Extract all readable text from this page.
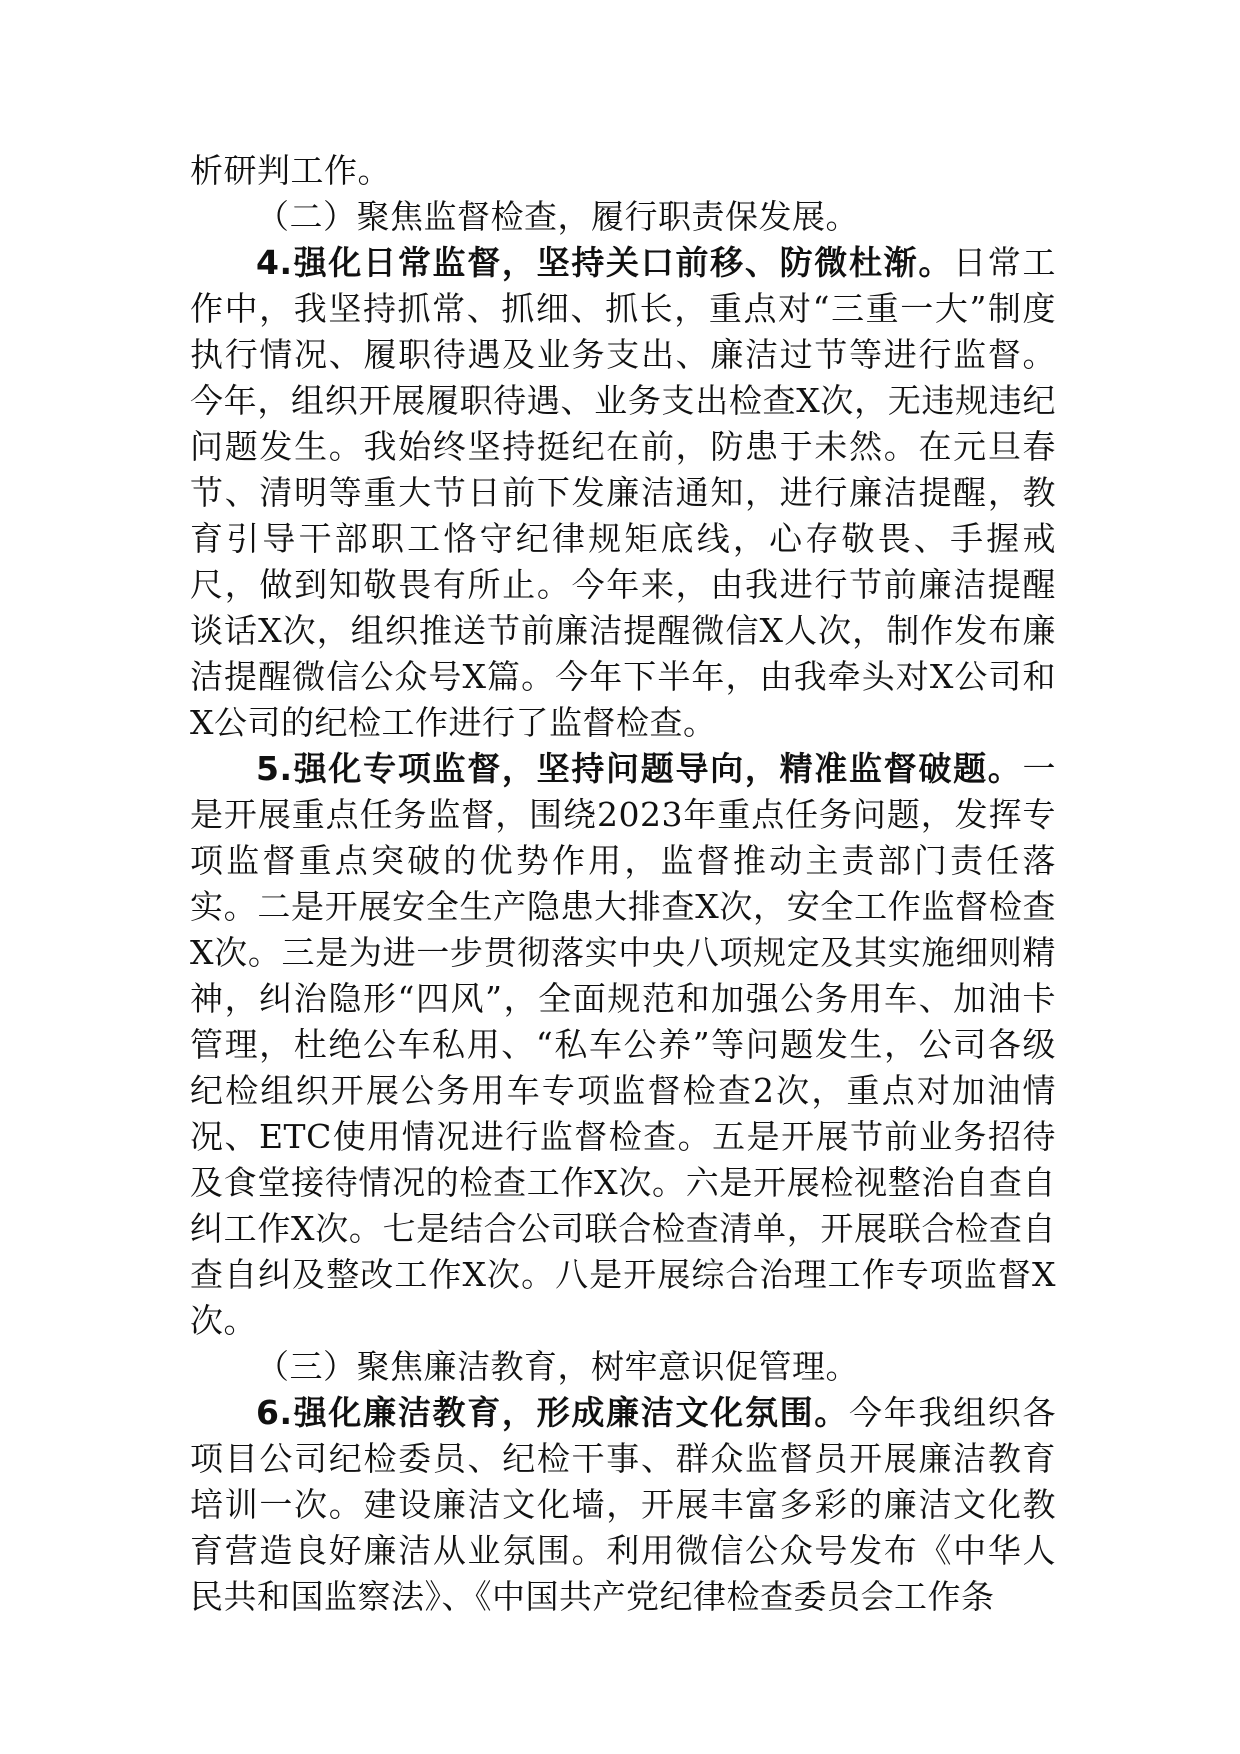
析研判工作。

（二）聚焦监督检查，履行职责保发展。

4.强化日常监督，坚持关口前移、防微杜渐。日常工作中，我坚持抓常、抓细、抓长，重点对“三重一大”制度执行情况、履职待遇及业务支出、廉洁过节等进行监督。今年，组织开展履职待遇、业务支出检查X次，无违规违纪问题发生。我始终坚持挺纪在前，防患于未然。在元旦春节、清明等重大节日前下发廉洁通知，进行廉洁提醒，教育引导干部职工恪守纪律规矩底线，心存敬畏、手握戒尺，做到知敬畏有所止。今年来，由我进行节前廉洁提醒谈话X次，组织推送节前廉洁提醒微信X人次，制作发布廉洁提醒微信公众号X篇。今年下半年，由我牵头对X公司和X公司的纪检工作进行了监督检查。

5.强化专项监督，坚持问题导向，精准监督破题。一是开展重点任务监督，围绕2023年重点任务问题，发挥专项监督重点突破的优势作用，监督推动主责部门责任落实。二是开展安全生产隐患大排查X次，安全工作监督检查X次。三是为进一步贯彻落实中央八项规定及其实施细则精神，纠治隐形“四风”，全面规范和加强公务用车、加油卡管理，杜绝公车私用、“私车公养”等问题发生，公司各级纪检组织开展公务用车专项监督检查2次，重点对加油情况、ETC使用情况进行监督检查。五是开展节前业务招待及食堂接待情况的检查工作X次。六是开展检视整治自查自纠工作X次。七是结合公司联合检查清单，开展联合检查自查自纠及整改工作X次。八是开展综合治理工作专项监督X次。

（三）聚焦廉洁教育，树牢意识促管理。

6.强化廉洁教育，形成廉洁文化氛围。今年我组织各项目公司纪检委员、纪检干事、群众监督员开展廉洁教育培训一次。建设廉洁文化墙，开展丰富多彩的廉洁文化教育营造良好廉洁从业氛围。利用微信公众号发布《中华人民共和国监察法》、《中国共产党纪律检查委员会工作条
